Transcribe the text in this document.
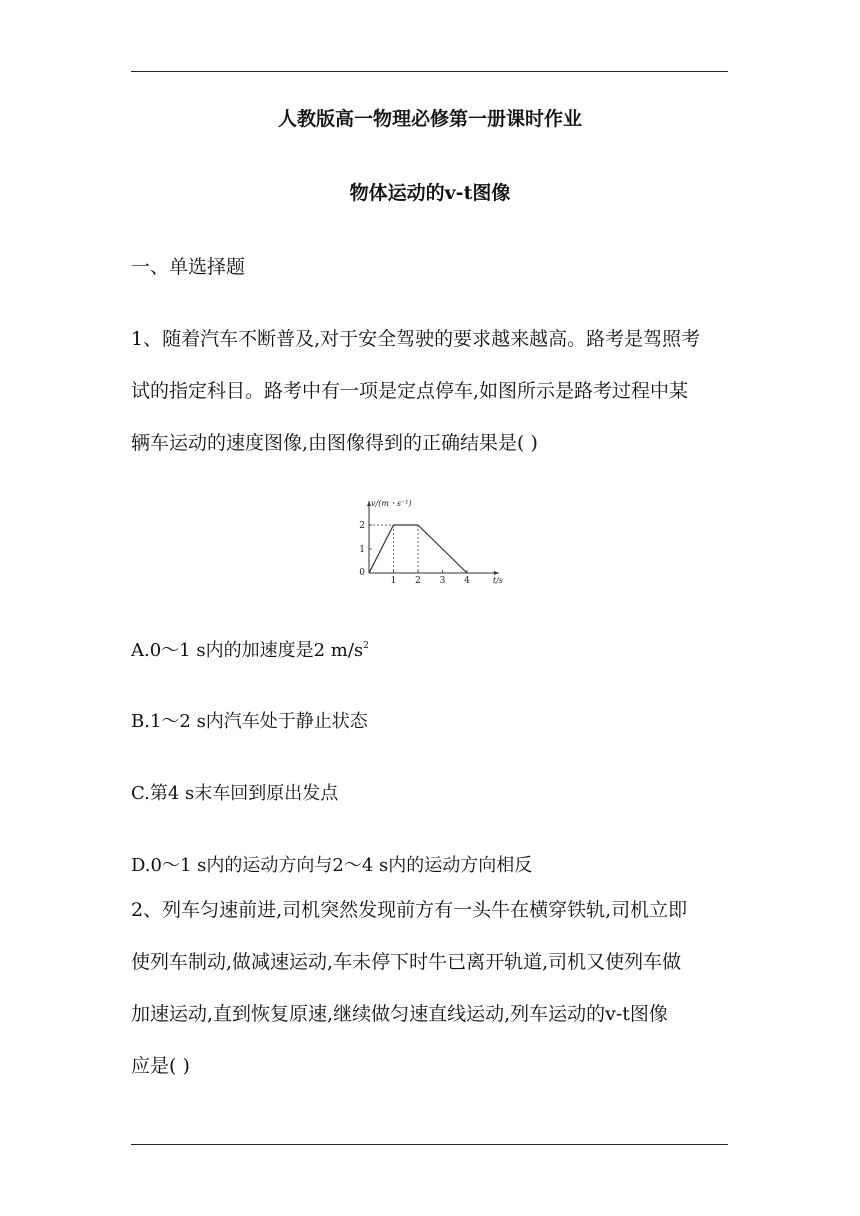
人教版高一物理必修第一册课时作业
物体运动的v-t图像
一、单选择题
1、随着汽车不断普及,对于安全驾驶的要求越来越高。路考是驾照考
试的指定科目。路考中有一项是定点停车,如图所示是路考过程中某
辆车运动的速度图像,由图像得到的正确结果是( )
1 2 3 4
1
2
0
v/(m・s⁻¹)
t/s
A.0～1 s内的加速度是2 $m/s^2$
B.1～2 s内汽车处于静止状态
C.第4 s末车回到原出发点
D.0～1 s内的运动方向与2～4 s内的运动方向相反
2、列车匀速前进,司机突然发现前方有一头牛在横穿铁轨,司机立即
使列车制动,做减速运动,车未停下时牛已离开轨道,司机又使列车做
加速运动,直到恢复原速,继续做匀速直线运动,列车运动的v-t图像
应是( )
